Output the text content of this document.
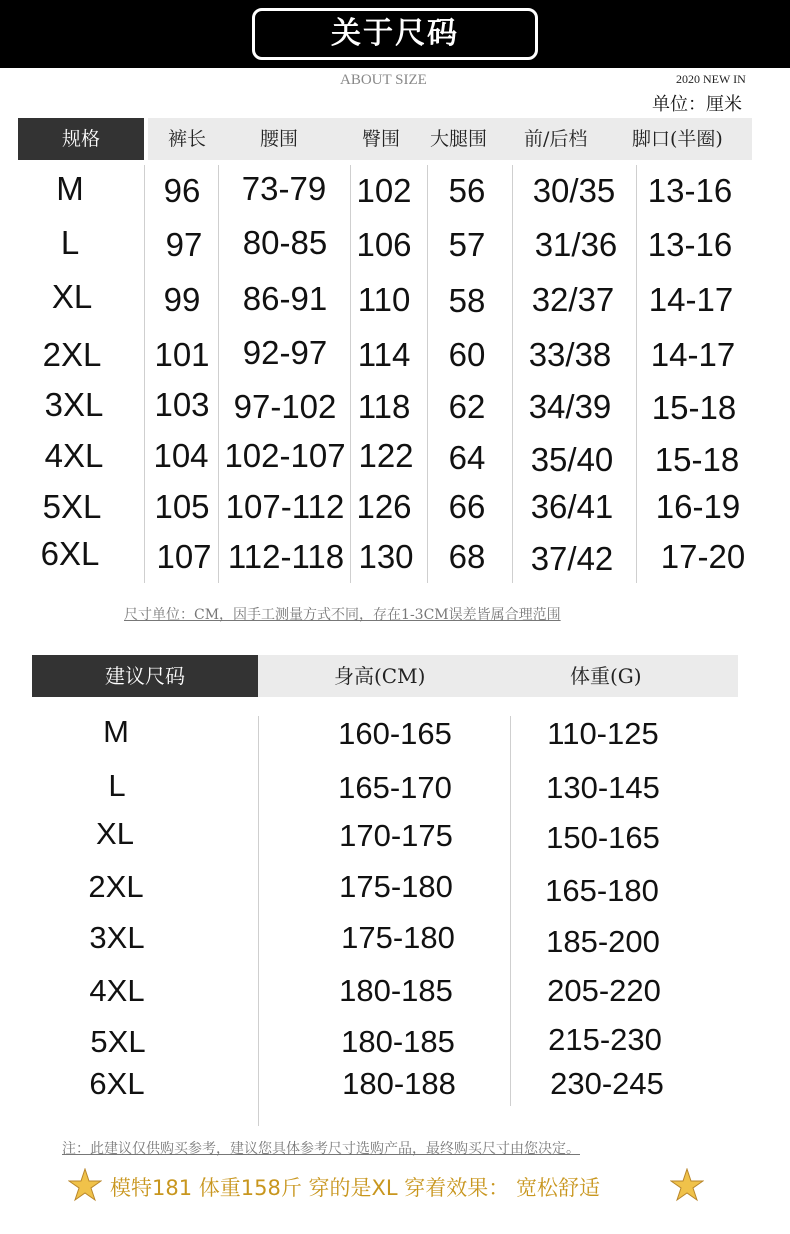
关于尺码
ABOUT SIZE	2020 NEW IN
单位：厘米
规格	裤长	腰围	臀围 大腿围 前/后档 脚口(半圈)
M 96 73-79 102 56 30/35 13-16
L	97 80-85 106 57 31/36 13-16
XL 99 86-91 110 58 32/37 14-17
2XL 101 92-97 114 60 33/38 14-17
3XL 103 97-102 118 62 34/39 15-18
4XL 104 102-107 122 64 35/40 15-18
5XL 105 107-112 126 66 36/41 16-19
6XL 107 112-118 130 68 37/42 17-20
尺寸单位：CM，因手工测量方式不同，存在1-3CM误差皆属合理范围
建议尺码	身高(CM)	体重(G)
M	160-165	110-125
L	165-170	130-145
XL	170-175	150-165
2XL	175-180	165-180
3XL	175-180	185-200
4XL	180-185	205-220
5XL	180-185	215-230
6XL	180-188	230-245
注：此建议仅供购买参考，建议您具体参考尺寸选购产品，最终购买尺寸由您决定。
模特181 体重158斤 穿的是XL 穿着效果： 宽松舒适
